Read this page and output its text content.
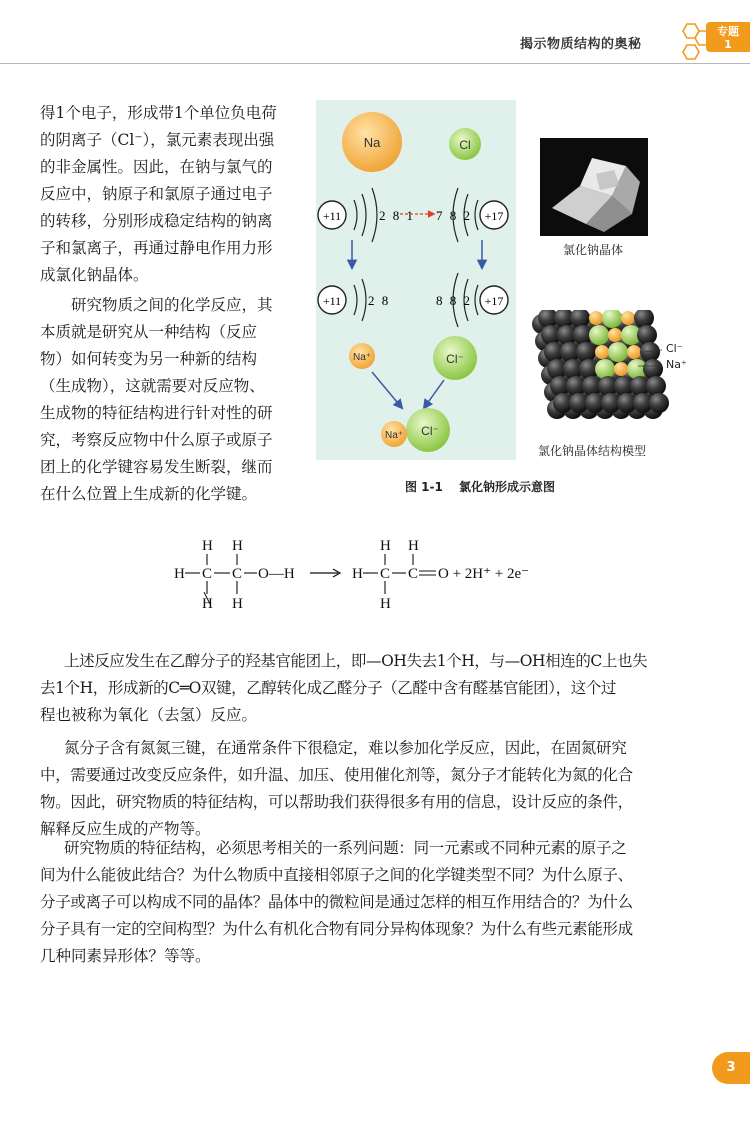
揭示物质结构的奥秘
专题
1
得1个电子，形成带1个单位负电荷
的阴离子（Cl⁻），氯元素表现出强
的非金属性。因此，在钠与氯气的
反应中，钠原子和氯原子通过电子
的转移，分别形成稳定结构的钠离
子和氯离子，再通过静电作用力形
成氯化钠晶体。
研究物质之间的化学反应，其
本质就是研究从一种结构（反应
物）如何转变为另一种新的结构
（生成物），这就需要对反应物、
生成物的特征结构进行针对性的研
究，考察反应物中什么原子或原子
团上的化学键容易发生断裂，继而
在什么位置上生成新的化学键。
Na	Cl
+11	2 8 1 7 8 2 +17
+11 2 8	8 8 2 +17
Na⁺	Cl⁻
Cl⁻
Na⁺
氯化钠晶体
Cl⁻
Na⁺
氯化钠晶体结构模型
图 1-1 氯化钠形成示意图
H H
H C C O—H
H H
H H
H C C O + 2H⁺ + 2e⁻
H
上述反应发生在乙醇分子的羟基官能团上，即—OH失去1个H，与—OH相连的C上也失
去1个H，形成新的C═O双键，乙醇转化成乙醛分子（乙醛中含有醛基官能团），这个过
程也被称为氧化（去氢）反应。
氮分子含有氮氮三键，在通常条件下很稳定，难以参加化学反应，因此，在固氮研究
中，需要通过改变反应条件，如升温、加压、使用催化剂等，氮分子才能转化为氮的化合
物。因此，研究物质的特征结构，可以帮助我们获得很多有用的信息，设计反应的条件，
解释反应生成的产物等。
研究物质的特征结构，必须思考相关的一系列问题：同一元素或不同种元素的原子之
间为什么能彼此结合？为什么物质中直接相邻原子之间的化学键类型不同？为什么原子、
分子或离子可以构成不同的晶体？晶体中的微粒间是通过怎样的相互作用结合的？为什么
分子具有一定的空间构型？为什么有机化合物有同分异构体现象？为什么有些元素能形成
几种同素异形体？等等。
3
